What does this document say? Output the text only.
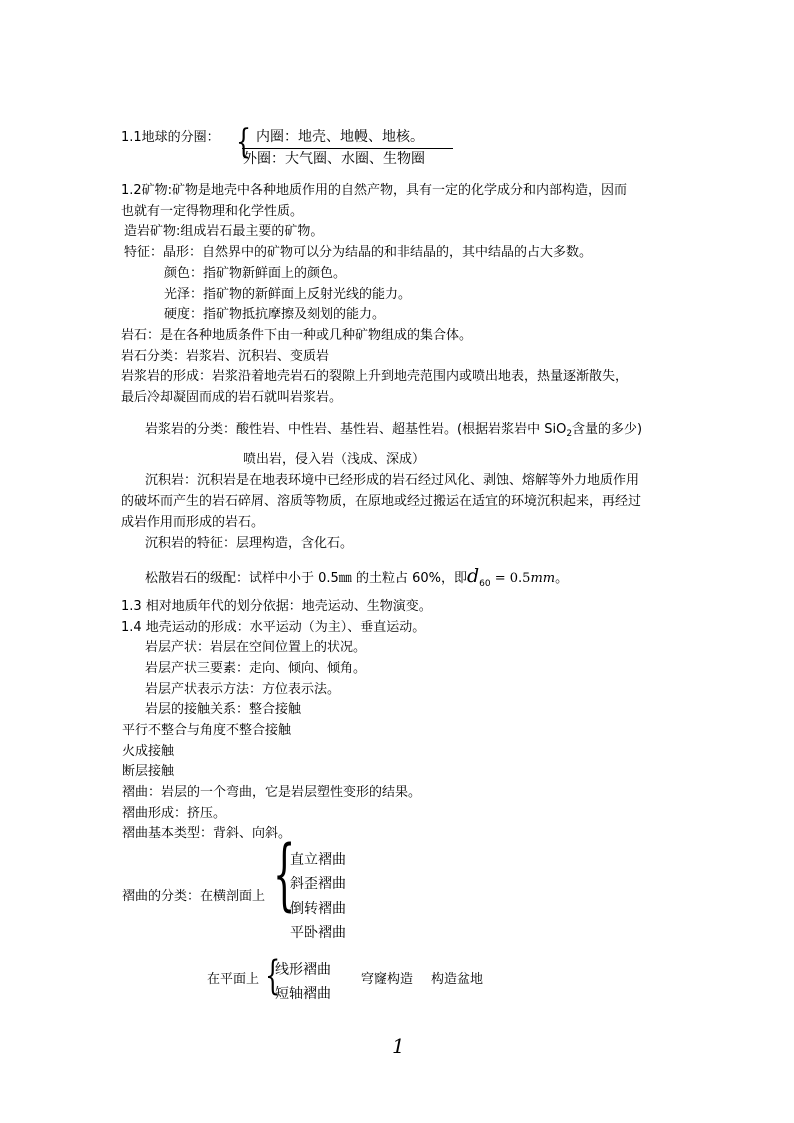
1.1地球的分圈： { 内圈：地壳、地幔、地核。
外圈：大气圈、水圈、生物圈
1.2矿物:矿物是地壳中各种地质作用的自然产物，具有一定的化学成分和内部构造，因而
也就有一定得物理和化学性质。
造岩矿物:组成岩石最主要的矿物。
特征：晶形：自然界中的矿物可以分为结晶的和非结晶的，其中结晶的占大多数。
颜色：指矿物新鲜面上的颜色。
光泽：指矿物的新鲜面上反射光线的能力。
硬度：指矿物抵抗摩擦及刻划的能力。
岩石：是在各种地质条件下由一种或几种矿物组成的集合体。
岩石分类：岩浆岩、沉积岩、变质岩
岩浆岩的形成：岩浆沿着地壳岩石的裂隙上升到地壳范围内或喷出地表，热量逐渐散失，
最后冷却凝固而成的岩石就叫岩浆岩。
岩浆岩的分类：酸性岩、中性岩、基性岩、超基性岩。(根据岩浆岩中 SiO$_2$含量的多少)
喷出岩，侵入岩（浅成、深成）
沉积岩：沉积岩是在地表环境中已经形成的岩石经过风化、剥蚀、熔解等外力地质作用
的破坏而产生的岩石碎屑、溶质等物质，在原地或经过搬运在适宜的环境沉积起来，再经过
成岩作用而形成的岩石。
沉积岩的特征：层理构造，含化石。
松散岩石的级配：试样中小于 0.5㎜ 的土粒占 60%，即$d_{60} = 0.5mm$。
1.3 相对地质年代的划分依据：地壳运动、生物演变。
1.4 地壳运动的形成：水平运动（为主）、垂直运动。
岩层产状：岩层在空间位置上的状况。
岩层产状三要素：走向、倾向、倾角。
岩层产状表示方法：方位表示法。
岩层的接触关系：整合接触
平行不整合与角度不整合接触
火成接触
断层接触
褶曲：岩层的一个弯曲，它是岩层塑性变形的结果。
褶曲形成：挤压。
褶曲基本类型：背斜、向斜。
褶曲的分类：在横剖面上 {
直立褶曲
斜歪褶曲
倒转褶曲
平卧褶曲
在平面上 {
线形褶曲
短轴褶曲
穹窿构造 构造盆地
1
